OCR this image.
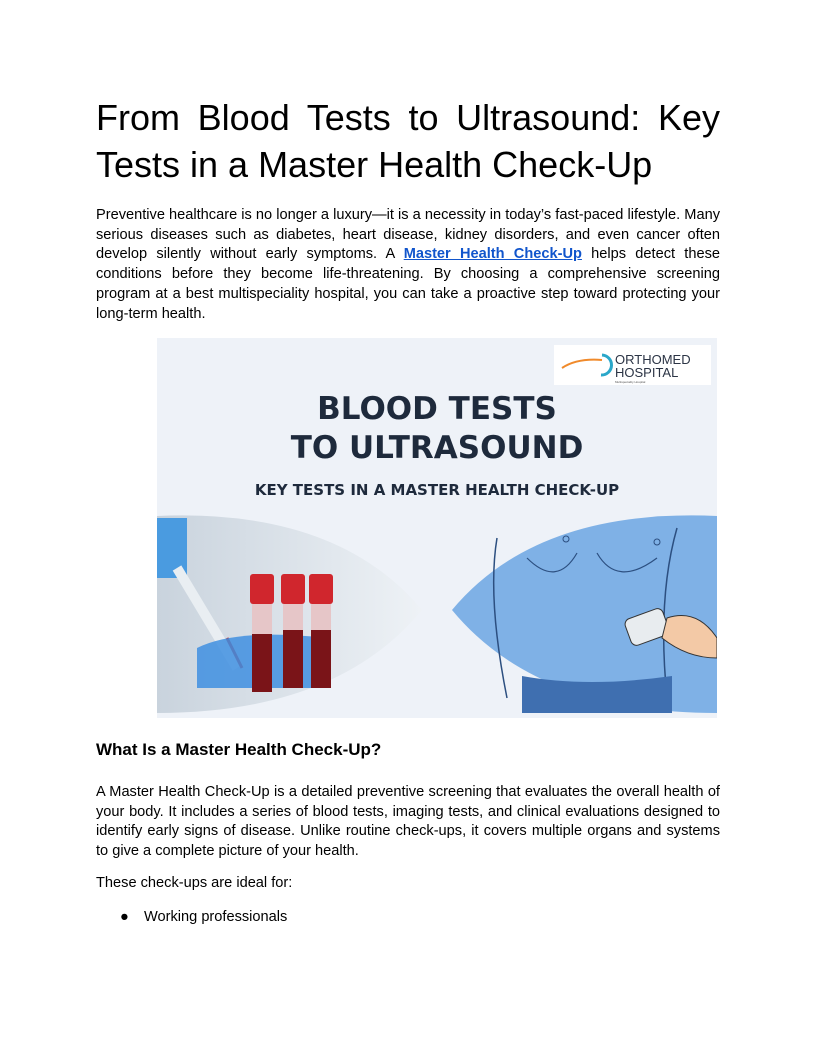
From Blood Tests to Ultrasound: Key
Tests in a Master Health Check-Up

Preventive healthcare is no longer a luxury—it is a necessity in today’s fast-paced lifestyle. Many serious diseases such as diabetes, heart disease, kidney disorders, and even cancer often develop silently without early symptoms. A Master Health Check-Up helps detect these conditions before they become life-threatening. By choosing a comprehensive screening program at a best multispeciality hospital, you can take a proactive step toward protecting your long-term health.

ORTHOMED
HOSPITAL
Multispeciality Hospital
BLOOD TESTS
TO ULTRASOUND
KEY TESTS IN A MASTER HEALTH CHECK-UP
What Is a Master Health Check-Up?

A Master Health Check-Up is a detailed preventive screening that evaluates the overall health of your body. It includes a series of blood tests, imaging tests, and clinical evaluations designed to identify early signs of disease. Unlike routine check-ups, it covers multiple organs and systems to give a complete picture of your health.

These check-ups are ideal for:

● Working professionals
